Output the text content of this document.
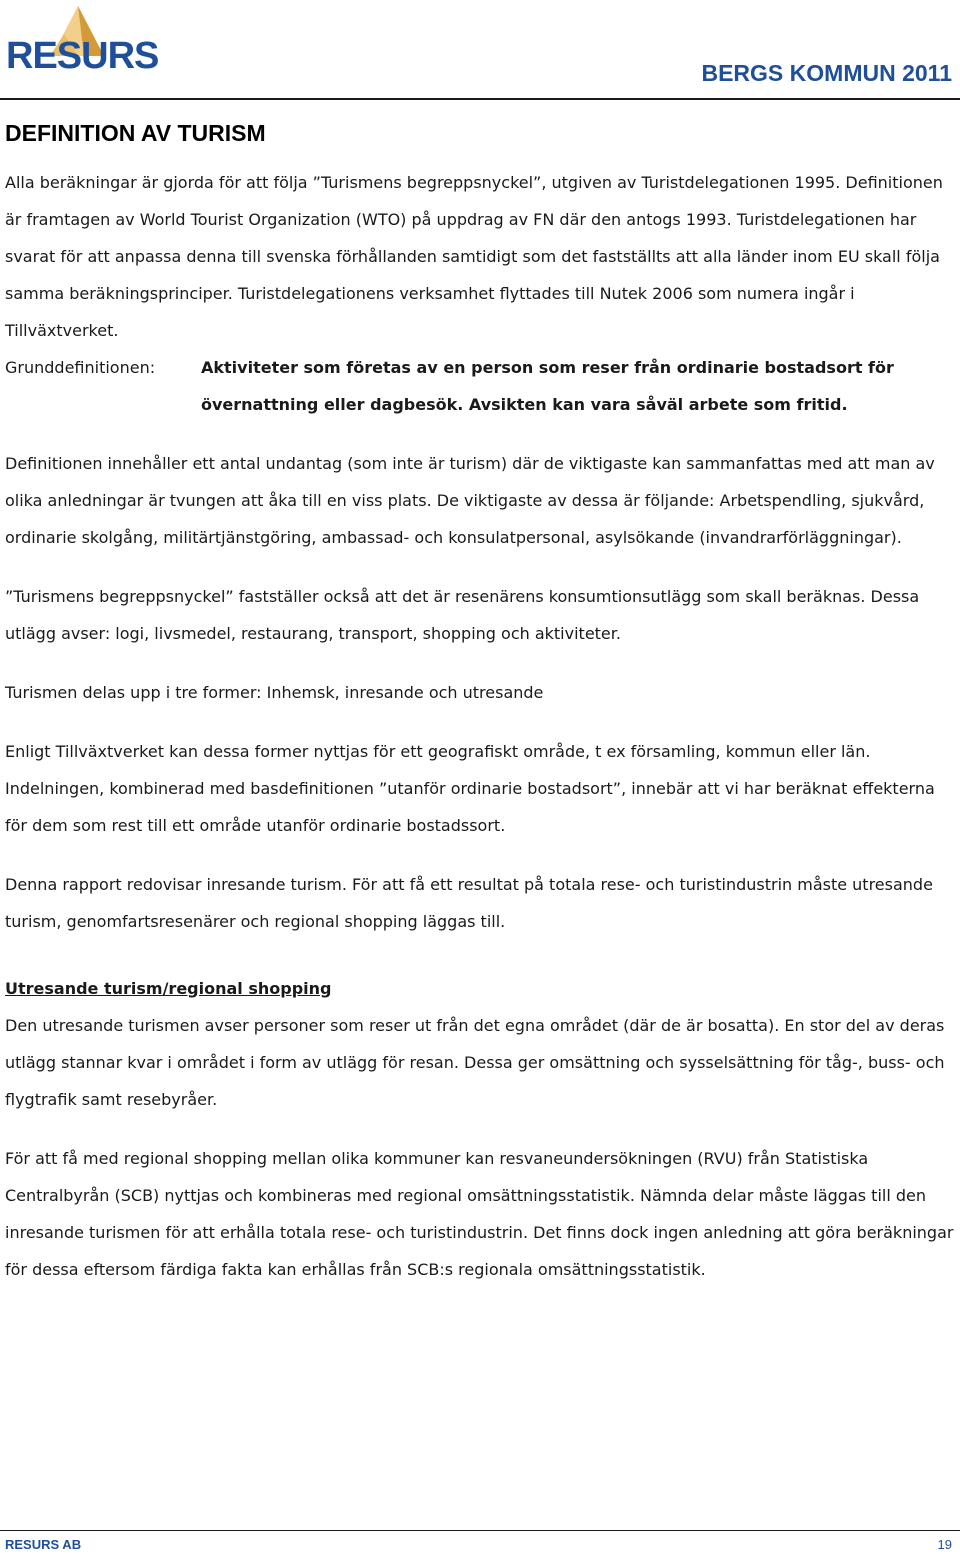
RESURS	BERGS KOMMUN 2011
DEFINITION AV TURISM

Alla beräkningar är gjorda för att följa ”Turismens begreppsnyckel”, utgiven av Turistdelegationen 1995. Definitionen är framtagen av World Tourist Organization (WTO) på uppdrag av FN där den antogs 1993. Turistdelegationen har svarat för att anpassa denna till svenska förhållanden samtidigt som det fastställts att alla länder inom EU skall följa samma beräkningsprinciper. Turistdelegationens verksamhet flyttades till Nutek 2006 som numera ingår i Tillväxtverket.

Grunddefinitionen:	Aktiviteter som företas av en person som reser från ordinarie bostadsort för övernattning eller dagbesök. Avsikten kan vara såväl arbete som fritid.

Definitionen innehåller ett antal undantag (som inte är turism) där de viktigaste kan sammanfattas med att man av olika anledningar är tvungen att åka till en viss plats. De viktigaste av dessa är följande: Arbetspendling, sjukvård, ordinarie skolgång, militärtjänstgöring, ambassad- och konsulatpersonal, asylsökande (invandrarförläggningar).

”Turismens begreppsnyckel” fastställer också att det är resenärens konsumtionsutlägg som skall beräknas. Dessa utlägg avser: logi, livsmedel, restaurang, transport, shopping och aktiviteter.

Turismen delas upp i tre former: Inhemsk, inresande och utresande

Enligt Tillväxtverket kan dessa former nyttjas för ett geografiskt område, t ex församling, kommun eller län. Indelningen, kombinerad med basdefinitionen ”utanför ordinarie bostadsort”, innebär att vi har beräknat effekterna för dem som rest till ett område utanför ordinarie bostadssort.

Denna rapport redovisar inresande turism. För att få ett resultat på totala rese- och turistindustrin måste utresande turism, genomfartsresenärer och regional shopping läggas till.

Utresande turism/regional shopping

Den utresande turismen avser personer som reser ut från det egna området (där de är bosatta). En stor del av deras utlägg stannar kvar i området i form av utlägg för resan. Dessa ger omsättning och sysselsättning för tåg-, buss- och flygtrafik samt resebyråer.

För att få med regional shopping mellan olika kommuner kan resvaneundersökningen (RVU) från Statistiska Centralbyrån (SCB) nyttjas och kombineras med regional omsättningsstatistik. Nämnda delar måste läggas till den inresande turismen för att erhålla totala rese- och turistindustrin. Det finns dock ingen anledning att göra beräkningar för dessa eftersom färdiga fakta kan erhållas från SCB:s regionala omsättningsstatistik.

RESURS AB	19
